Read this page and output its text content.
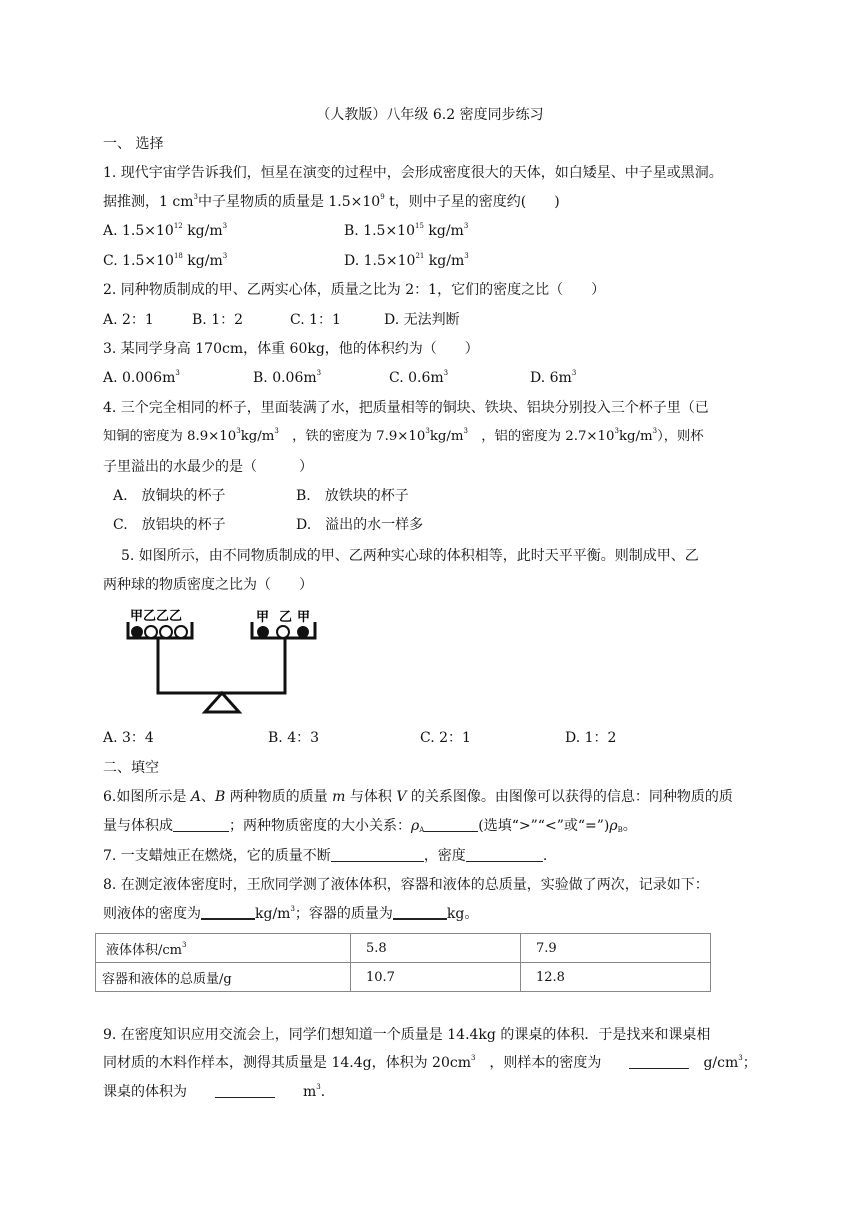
（人教版）八年级 6.2 密度同步练习
一、 选择
1. 现代宇宙学告诉我们，恒星在演变的过程中，会形成密度很大的天体，如白矮星、中子星或黑洞。
据推测，1 $cm^3$中子星物质的质量是 $1.5\times 10^9$ t，则中子星的密度约(　　)
A. $1.5\times 10^{12}$ $kg/m^3$	B. $1.5\times 10^{15}$ $kg/m^3$
C. $1.5\times 10^{18}$ $kg/m^3$	D. $1.5\times 10^{21}$ $kg/m^3$
2. 同种物质制成的甲、乙两实心体，质量之比为 2：1，它们的密度之比（　　）
A. 2：1	B. 1：2	C. 1：1	D. 无法判断
3. 某同学身高 170cm，体重 60kg，他的体积约为（　　）
A. $0.006m^3$	B. $0.06m^3$	C. $0.6m^3$	D. $6m^3$
4. 三个完全相同的杯子，里面装满了水，把质量相等的铜块、铁块、铝块分别投入三个杯子里（已
知铜的密度为 $8.9\times 10^3kg/m^3$　，铁的密度为 $7.9\times 10^3kg/m^3$　，铝的密度为 $2.7\times 10^3kg/m^3$），则杯
子里溢出的水最少的是（　　　）
A.　放铜块的杯子	B.　放铁块的杯子
C.　放铝块的杯子	D.　溢出的水一样多
5. 如图所示，由不同物质制成的甲、乙两种实心球的体积相等，此时天平平衡。则制成甲、乙
两种球的物质密度之比为（　　）
甲乙乙乙	甲 乙 甲
A. 3：4	B. 4：3	C. 2：1	D. 1：2
二、填空
6.如图所示是 A、B 两种物质的质量 m 与体积 V 的关系图像。由图像可以获得的信息：同种物质的质
量与体积成	；两种物质密度的大小关系：$\rho_A$	(选填“>”“<”或“$=”)\rho_B$。
7. 一支蜡烛正在燃烧，它的质量不断	，密度	.
8. 在测定液体密度时，王欣同学测了液体体积，容器和液体的总质量，实验做了两次，记录如下：
则液体的密度为	$kg/m^3$；容器的质量为	kg。
液体体积$/cm^3$	5.8	7.9
容器和液体的总质量/g	10.7	12.8
9. 在密度知识应用交流会上，同学们想知道一个质量是 14.4kg 的课桌的体积．于是找来和课桌相
同材质的木料作样本，测得其质量是 14.4g，体积为 $20cm^3$　，则样本的密度为　　　	$g/cm^3$；
课桌的体积为　　　　	$m^3$．
